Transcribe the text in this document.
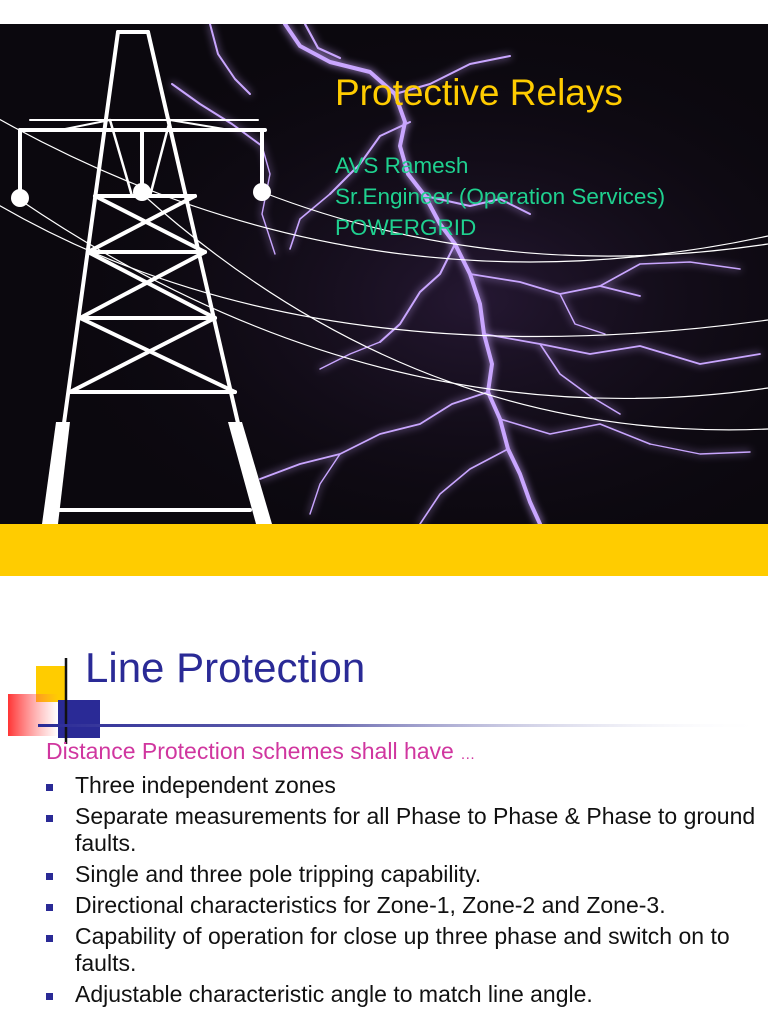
Protective Relays
AVS Ramesh
Sr.Engineer (Operation Services)
POWERGRID
Line Protection
Distance Protection schemes shall have …
Three independent zones
Separate measurements for all Phase to Phase & Phase to ground faults.
Single and three pole tripping capability.
Directional characteristics for Zone-1, Zone-2 and Zone-3.
Capability of operation for close up three phase and switch on to faults.
Adjustable characteristic angle to match line angle.
